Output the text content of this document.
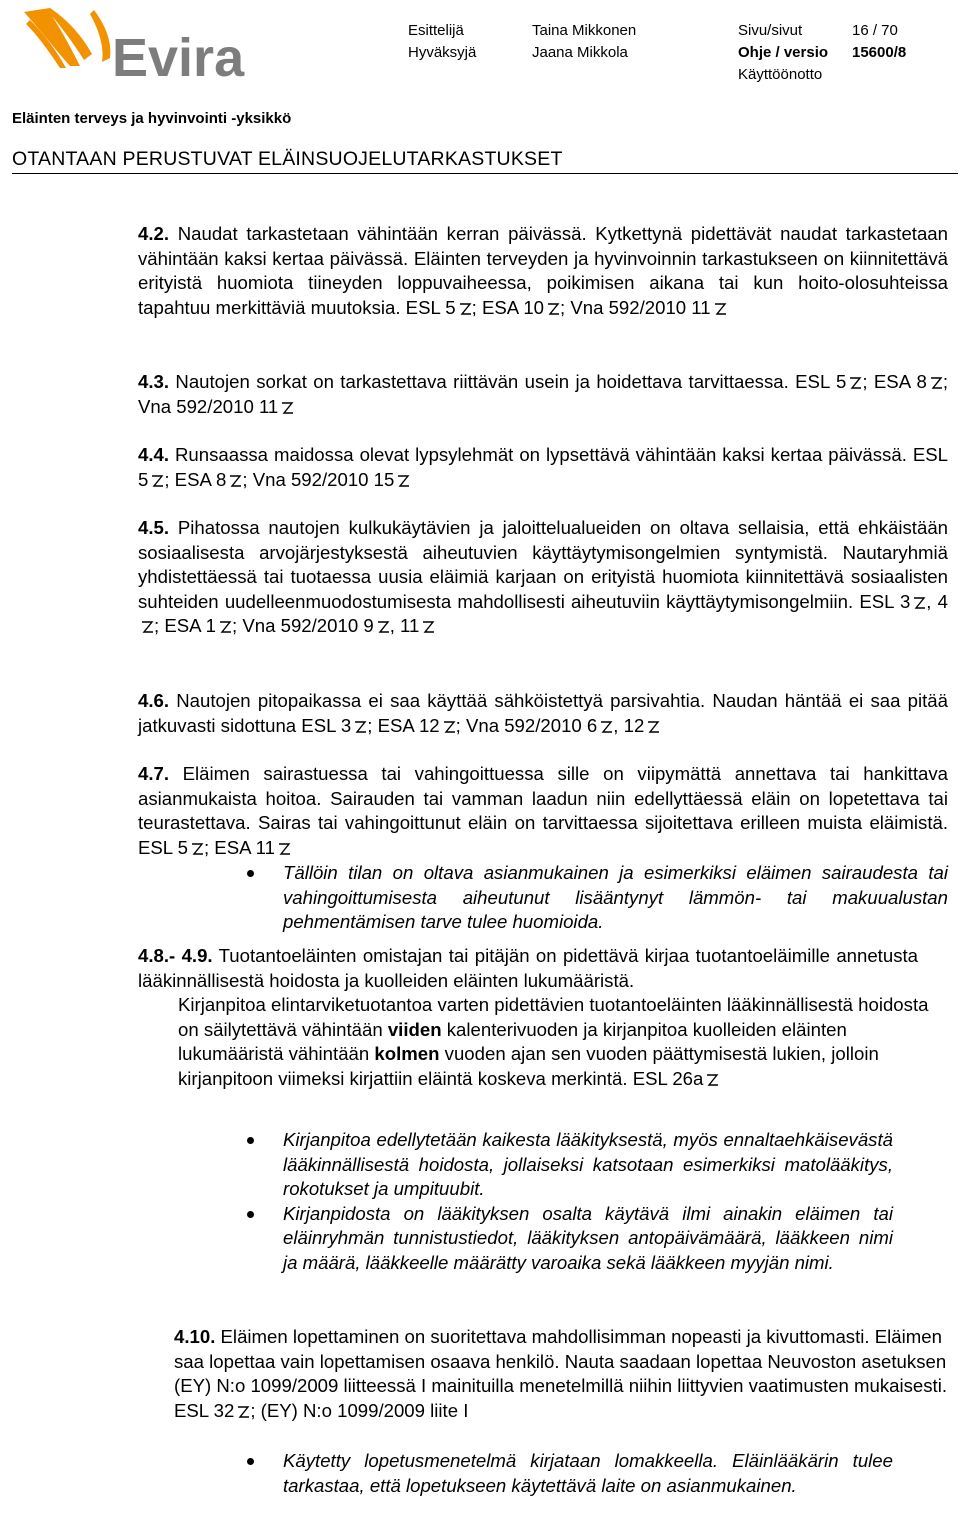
Evira	Esittelijä	Taina Mikkonen	Sivu/sivut	16 / 70
Hyväksyjä	Jaana Mikkola	Ohje / versio 15600/8
Käyttöönotto
Eläinten terveys ja hyvinvointi -yksikkö
OTANTAAN PERUSTUVAT ELÄINSUOJELUTARKASTUKSET

4.2. Naudat tarkastetaan vähintään kerran päivässä. Kytkettynä pidettävät naudat tarkastetaan vähintään kaksi kertaa päivässä. Eläinten terveyden ja hyvinvoinnin tarkastukseen on kiinnitettävä erityistä huomiota tiineyden loppuvaiheessa, poikimisen aikana tai kun hoito-olosuhteissa tapahtuu merkittäviä muutoksia. ESL 5 ; ESA 10 ; Vna 592/2010 11

4.3. Nautojen sorkat on tarkastettava riittävän usein ja hoidettava tarvittaessa. ESL 5 ; ESA 8 ; Vna 592/2010 11

4.4. Runsaassa maidossa olevat lypsylehmät on lypsettävä vähintään kaksi kertaa päivässä. ESL 5 ; ESA 8 ; Vna 592/2010 15

4.5. Pihatossa nautojen kulkukäytävien ja jaloittelualueiden on oltava sellaisia, että ehkäistään sosiaalisesta arvojärjestyksestä aiheutuvien käyttäytymisongelmien syntymistä. Nautaryhmiä yhdistettäessä tai tuotaessa uusia eläimiä karjaan on erityistä huomiota kiinnitettävä sosiaalisten suhteiden uudelleenmuodostumisesta mahdollisesti aiheutuviin käyttäytymisongelmiin. ESL 3 , 4; ESA 1 ; Vna 592/2010 9 , 11

4.6. Nautojen pitopaikassa ei saa käyttää sähköistettyä parsivahtia. Naudan häntää ei saa pitää jatkuvasti sidottuna ESL 3 ; ESA 12 ; Vna 592/2010 6 , 12

4.7. Eläimen sairastuessa tai vahingoittuessa sille on viipymättä annettava tai hankittava asianmukaista hoitoa. Sairauden tai vamman laadun niin edellyttäessä eläin on lopetettava tai teurastettava. Sairas tai vahingoittunut eläin on tarvittaessa sijoitettava erilleen muista eläimistä. ESL 5 ; ESA 11

Tällöin tilan on oltava asianmukainen ja esimerkiksi eläimen sairaudesta tai vahingoittumisesta aiheutunut lisääntynyt lämmön- tai makuualustan pehmentämisen tarve tulee huomioida.

4.8.- 4.9. Tuotantoeläinten omistajan tai pitäjän on pidettävä kirjaa tuotantoeläimille annetusta lääkinnällisestä hoidosta ja kuolleiden eläinten lukumääristä.

Kirjanpitoa elintarviketuotantoa varten pidettävien tuotantoeläinten lääkinnällisestä hoidosta on säilytettävä vähintään viiden kalenterivuoden ja kirjanpitoa kuolleiden eläinten lukumääristä vähintään kolmen vuoden ajan sen vuoden päättymisestä lukien, jolloin kirjanpitoon viimeksi kirjattiin eläintä koskeva merkintä. ESL 26a

Kirjanpitoa edellytetään kaikesta lääkityksestä, myös ennaltaehkäisevästä lääkinnällisestä hoidosta, jollaiseksi katsotaan esimerkiksi matolääkitys, rokotukset ja umpituubit.
Kirjanpidosta on lääkityksen osalta käytävä ilmi ainakin eläimen tai eläinryhmän tunnistustiedot, lääkityksen antopäivämäärä, lääkkeen nimi ja määrä, lääkkeelle määrätty varoaika sekä lääkkeen myyjän nimi.

4.10. Eläimen lopettaminen on suoritettava mahdollisimman nopeasti ja kivuttomasti. Eläimen saa lopettaa vain lopettamisen osaava henkilö. Nauta saadaan lopettaa Neuvoston asetuksen (EY) N:o 1099/2009 liitteessä I mainituilla menetelmillä niihin liittyvien vaatimusten mukaisesti. ESL 32 ; (EY) N:o 1099/2009 liite I

Käytetty lopetusmenetelmä kirjataan lomakkeella. Eläinlääkärin tulee tarkastaa, että lopetukseen käytettävä laite on asianmukainen.
